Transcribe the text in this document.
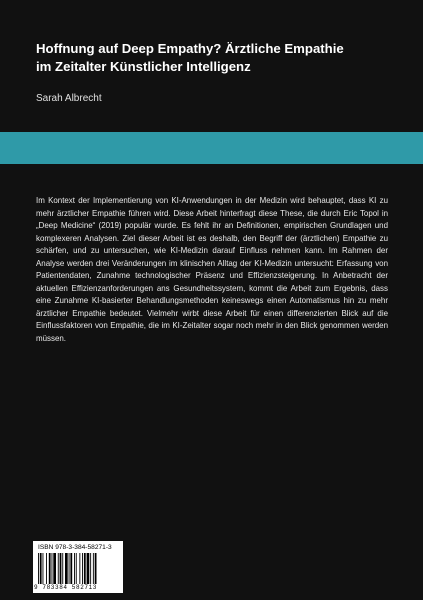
Hoffnung auf Deep Empathy? Ärztliche Empathie
im Zeitalter Künstlicher Intelligenz
Sarah Albrecht

Im Kontext der Implementierung von KI-Anwendungen in der Medizin wird behauptet, dass KI zu mehr ärztlicher Empathie führen wird. Diese Arbeit hinterfragt diese These, die durch Eric Topol in „Deep Medicine“ (2019) populär wurde. Es fehlt ihr an Definitionen, empirischen Grundlagen und komplexeren Analysen. Ziel dieser Arbeit ist es deshalb, den Begriff der (ärztlichen) Empathie zu schärfen, und zu untersuchen, wie KI-Medizin darauf Einfluss nehmen kann. Im Rahmen der Analyse werden drei Veränderungen im klinischen Alltag der KI-Medizin untersucht: Erfassung von Patientendaten, Zunahme technologischer Präsenz und Effizienzsteigerung. In Anbetracht der aktuellen Effizienzanforderungen ans Gesundheitssystem, kommt die Arbeit zum Ergebnis, dass eine Zunahme KI-basierter Behandlungsmethoden keineswegs einen Automatismus hin zu mehr ärztlicher Empathie bedeutet. Vielmehr wirbt diese Arbeit für einen differenzierten Blick auf die Einflussfaktoren von Empathie, die im KI-Zeitalter sogar noch mehr in den Blick genommen werden müssen.

ISBN 978-3-384-58271-3
9 783384 582713
